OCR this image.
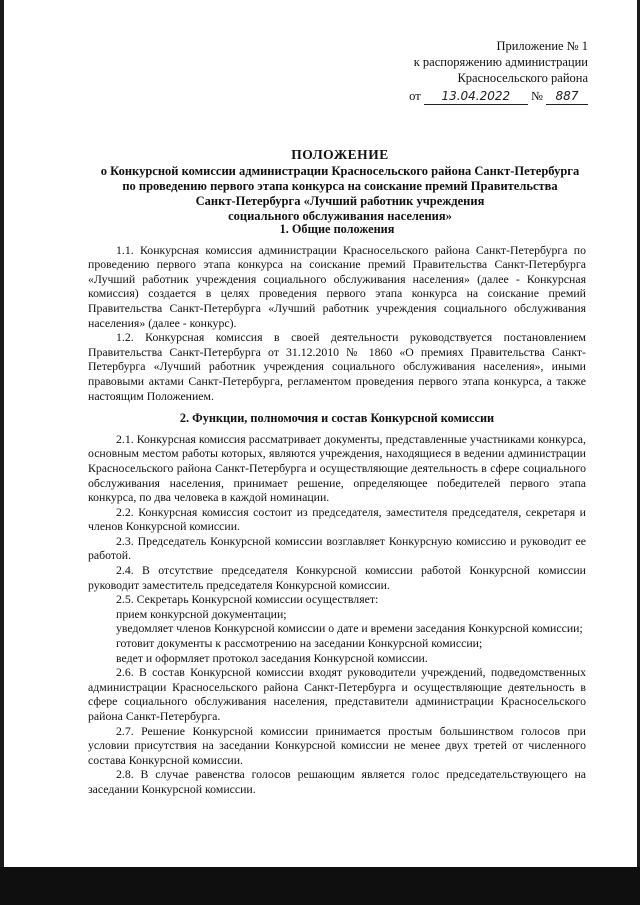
Приложение № 1
к распоряжению администрации
Красносельского района
от 13.04.2022 № 887
ПОЛОЖЕНИЕ
о Конкурсной комиссии администрации Красносельского района Санкт-Петербурга
по проведению первого этапа конкурса на соискание премий Правительства
Санкт-Петербурга «Лучший работник учреждения
социального обслуживания населения»
1. Общие положения

1.1. Конкурсная комиссия администрации Красносельского района Санкт-Петербурга по проведению первого этапа конкурса на соискание премий Правительства Санкт-Петербурга «Лучший работник учреждения социального обслуживания населения» (далее - Конкурсная комиссия) создается в целях проведения первого этапа конкурса на соискание премий Правительства Санкт-Петербурга «Лучший работник учреждения социального обслуживания населения» (далее - конкурс).

1.2. Конкурсная комиссия в своей деятельности руководствуется постановлением Правительства Санкт-Петербурга от 31.12.2010 № 1860 «О премиях Правительства Санкт-Петербурга «Лучший работник учреждения социального обслуживания населения», иными правовыми актами Санкт-Петербурга, регламентом проведения первого этапа конкурса, а также настоящим Положением.

2. Функции, полномочия и состав Конкурсной комиссии

2.1. Конкурсная комиссия рассматривает документы, представленные участниками конкурса, основным местом работы которых, являются учреждения, находящиеся в ведении администрации Красносельского района Санкт-Петербурга и осуществляющие деятельность в сфере социального обслуживания населения, принимает решение, определяющее победителей первого этапа конкурса, по два человека в каждой номинации.

2.2. Конкурсная комиссия состоит из председателя, заместителя председателя, секретаря и членов Конкурсной комиссии.

2.3. Председатель Конкурсной комиссии возглавляет Конкурсную комиссию и руководит ее работой.

2.4. В отсутствие председателя Конкурсной комиссии работой Конкурсной комиссии руководит заместитель председателя Конкурсной комиссии.

2.5. Секретарь Конкурсной комиссии осуществляет:

прием конкурсной документации;

уведомляет членов Конкурсной комиссии о дате и времени заседания Конкурсной комиссии;

готовит документы к рассмотрению на заседании Конкурсной комиссии;

ведет и оформляет протокол заседания Конкурсной комиссии.

2.6. В состав Конкурсной комиссии входят руководители учреждений, подведомственных администрации Красносельского района Санкт-Петербурга и осуществляющие деятельность в сфере социального обслуживания населения, представители администрации Красносельского района Санкт-Петербурга.

2.7. Решение Конкурсной комиссии принимается простым большинством голосов при условии присутствия на заседании Конкурсной комиссии не менее двух третей от численного состава Конкурсной комиссии.

2.8. В случае равенства голосов решающим является голос председательствующего на заседании Конкурсной комиссии.
